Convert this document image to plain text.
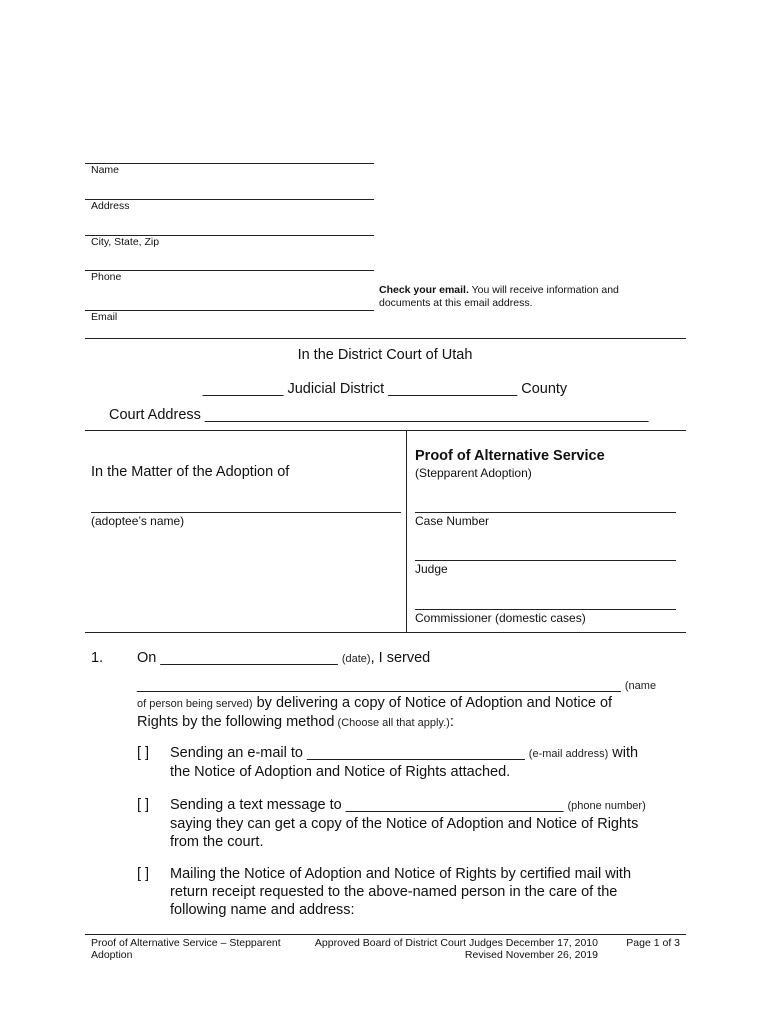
Name
Address
City, State, Zip
Phone
Email
Check your email. You will receive information and
documents at this email address.
In the District Court of Utah
__________ Judicial District ________________ County
Court Address _______________________________________________________
In the Matter of the Adoption of
(adoptee’s name)
Proof of Alternative Service
(Stepparent Adoption)
Case Number
Judge
Commissioner (domestic cases)
1. On ______________________ (date), I served
____________________________________________________________ (name
of person being served) by delivering a copy of Notice of Adoption and Notice of
Rights by the following method (Choose all that apply.):
[ ] Sending an e-mail to ___________________________ (e-mail address) with
the Notice of Adoption and Notice of Rights attached.
[ ] Sending a text message to ___________________________ (phone number)
saying they can get a copy of the Notice of Adoption and Notice of Rights
from the court.
[ ] Mailing the Notice of Adoption and Notice of Rights by certified mail with
return receipt requested to the above-named person in the care of the
following name and address:
Proof of Alternative Service – Stepparent
Adoption
Approved Board of District Court Judges December 17, 2010
Revised November 26, 2019
Page 1 of 3
